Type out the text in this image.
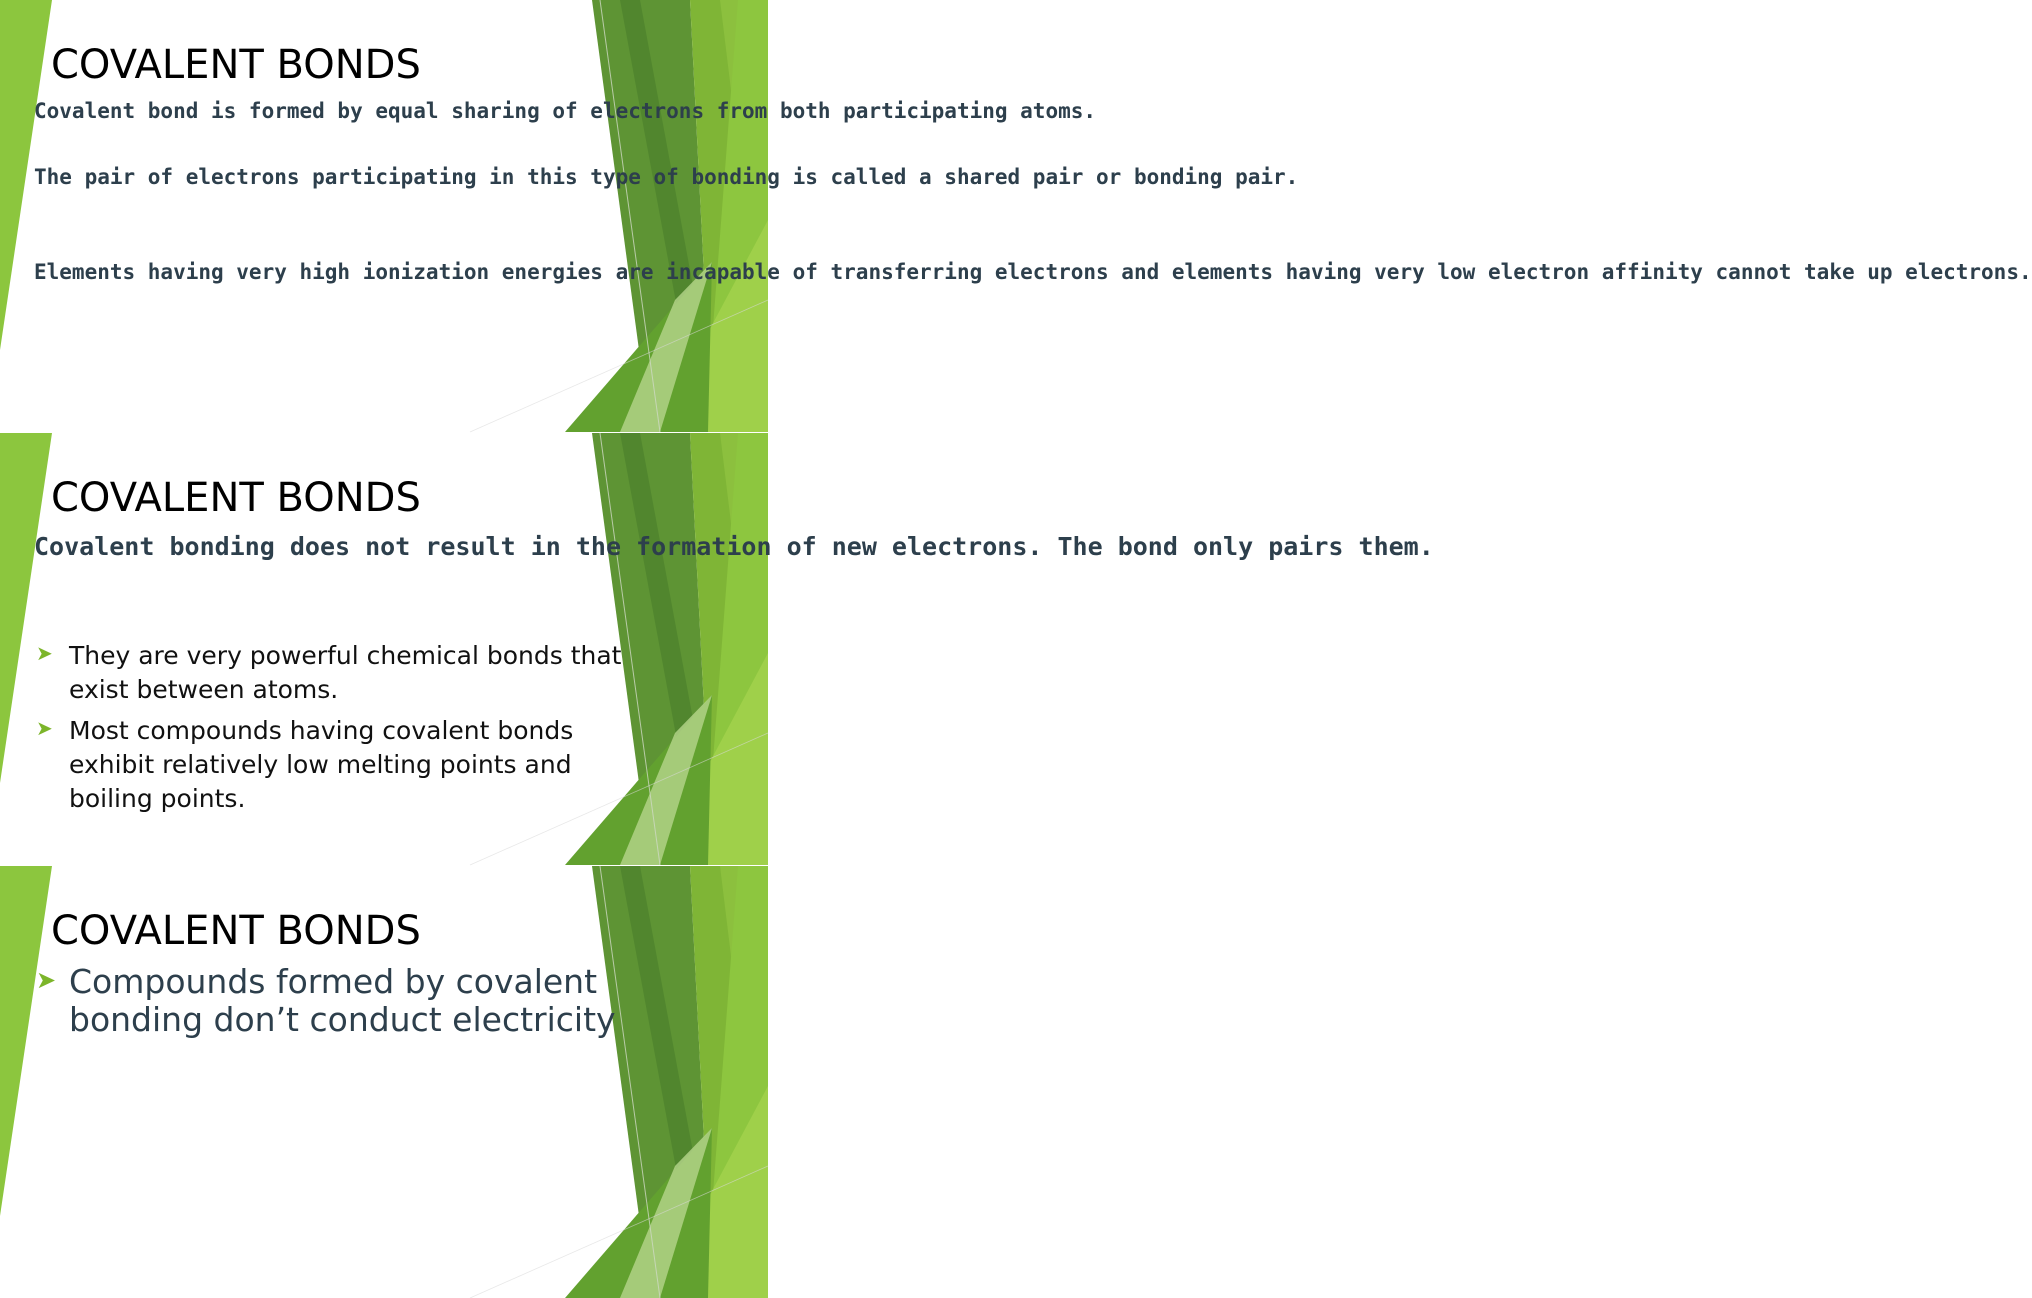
COVALENT BONDS
Covalent bond is formed by equal sharing of electrons from both participating atoms.
The pair of electrons participating in this type of bonding is called a shared pair or bonding pair.
Elements having very high ionization energies are incapable of transferring electrons and elements having very low electron affinity cannot take up electrons.
COVALENT BONDS
Covalent bonding does not result in the formation of new electrons. The bond only pairs them.
➤ They are very powerful chemical bonds that
exist between atoms.
➤ Most compounds having covalent bonds
exhibit relatively low melting points and
boiling points.
COVALENT BONDS
➤ Compounds formed by covalent
bonding don’t conduct electricity
